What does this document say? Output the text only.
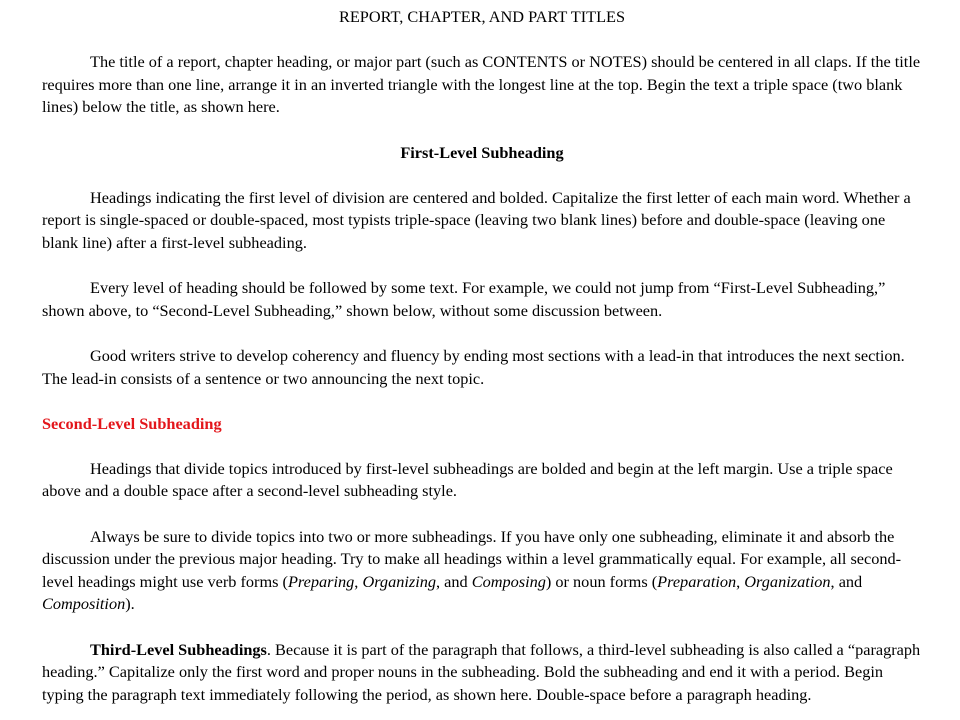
REPORT, CHAPTER, AND PART TITLES

The title of a report, chapter heading, or major part (such as CONTENTS or NOTES) should be centered in all claps. If the title requires more than one line, arrange it in an inverted triangle with the longest line at the top. Begin the text a triple space (two blank lines) below the title, as shown here.

First-Level Subheading

Headings indicating the first level of division are centered and bolded. Capitalize the first letter of each main word. Whether a report is single-spaced or double-spaced, most typists triple-space (leaving two blank lines) before and double-space (leaving one blank line) after a first-level subheading.

Every level of heading should be followed by some text. For example, we could not jump from “First-Level Subheading,” shown above, to “Second-Level Subheading,” shown below, without some discussion between.

Good writers strive to develop coherency and fluency by ending most sections with a lead-in that introduces the next section. The lead-in consists of a sentence or two announcing the next topic.

Second-Level Subheading

Headings that divide topics introduced by first-level subheadings are bolded and begin at the left margin. Use a triple space above and a double space after a second-level subheading style.

Always be sure to divide topics into two or more subheadings. If you have only one subheading, eliminate it and absorb the discussion under the previous major heading. Try to make all headings within a level grammatically equal. For example, all second-level headings might use verb forms (Preparing, Organizing, and Composing) or noun forms (Preparation, Organization, and Composition).

Third-Level Subheadings. Because it is part of the paragraph that follows, a third-level subheading is also called a “paragraph heading.” Capitalize only the first word and proper nouns in the subheading. Bold the subheading and end it with a period. Begin typing the paragraph text immediately following the period, as shown here. Double-space before a paragraph heading.
